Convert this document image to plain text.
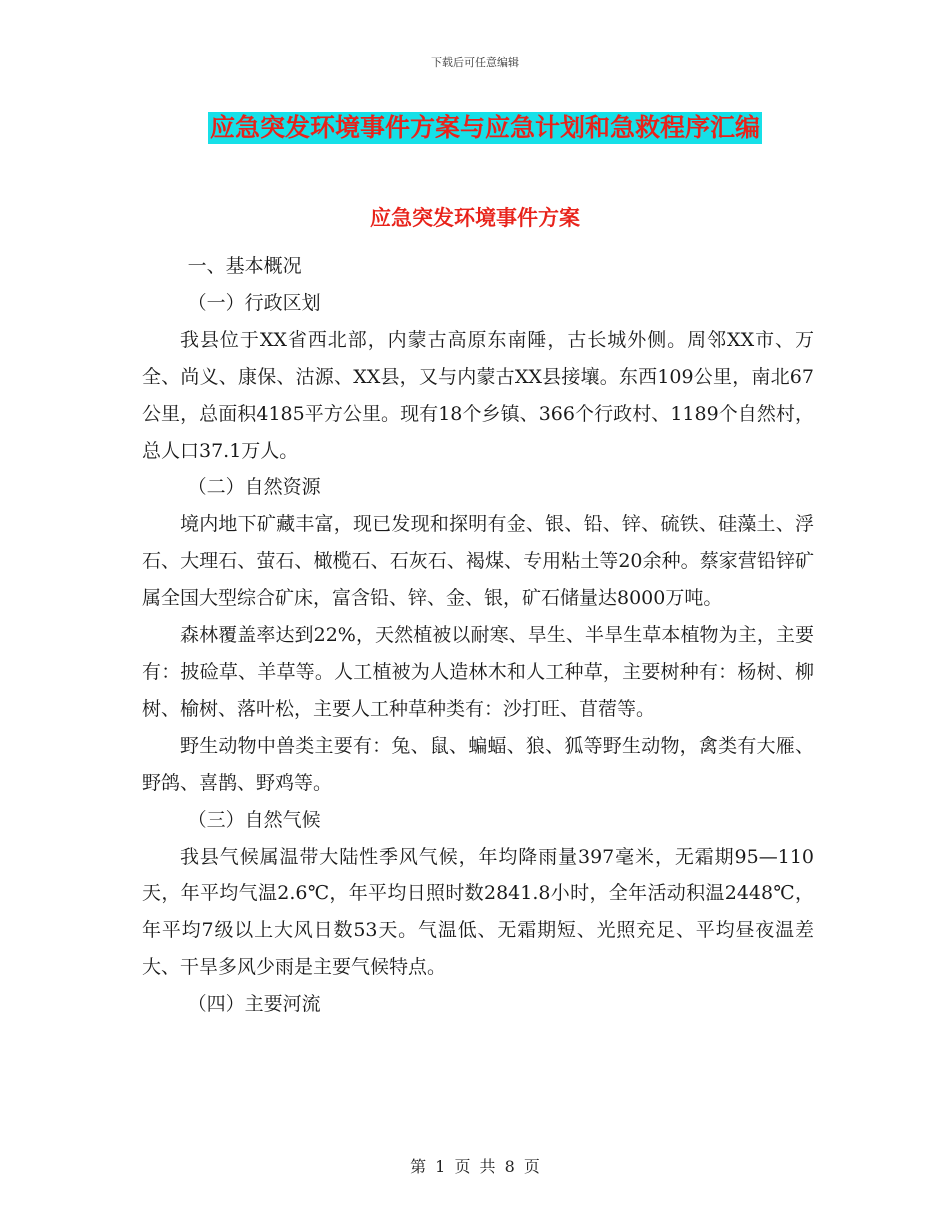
下载后可任意编辑
应急突发环境事件方案与应急计划和急救程序汇编
应急突发环境事件方案

一、基本概况

（一）行政区划

我县位于XX省西北部，内蒙古高原东南陲，古长城外侧。周邻XX市、万全、尚义、康保、沽源、XX县，又与内蒙古XX县接壤。东西109公里，南北67公里，总面积4185平方公里。现有18个乡镇、366个行政村、1189个自然村，总人口37.1万人。

（二）自然资源

境内地下矿藏丰富，现已发现和探明有金、银、铅、锌、硫铁、硅藻土、浮石、大理石、萤石、橄榄石、石灰石、褐煤、专用粘土等20余种。蔡家营铅锌矿属全国大型综合矿床，富含铅、锌、金、银，矿石储量达8000万吨。

森林覆盖率达到22%，天然植被以耐寒、旱生、半旱生草本植物为主，主要有：披硷草、羊草等。人工植被为人造林木和人工种草，主要树种有：杨树、柳树、榆树、落叶松，主要人工种草种类有：沙打旺、苜蓿等。

野生动物中兽类主要有：兔、鼠、蝙蝠、狼、狐等野生动物，禽类有大雁、野鸽、喜鹊、野鸡等。

（三）自然气候

我县气候属温带大陆性季风气候，年均降雨量397毫米，无霜期95—110天，年平均气温2.6℃，年平均日照时数2841.8小时，全年活动积温2448℃，年平均7级以上大风日数53天。气温低、无霜期短、光照充足、平均昼夜温差大、干旱多风少雨是主要气候特点。

（四）主要河流

第 1 页 共 8 页
